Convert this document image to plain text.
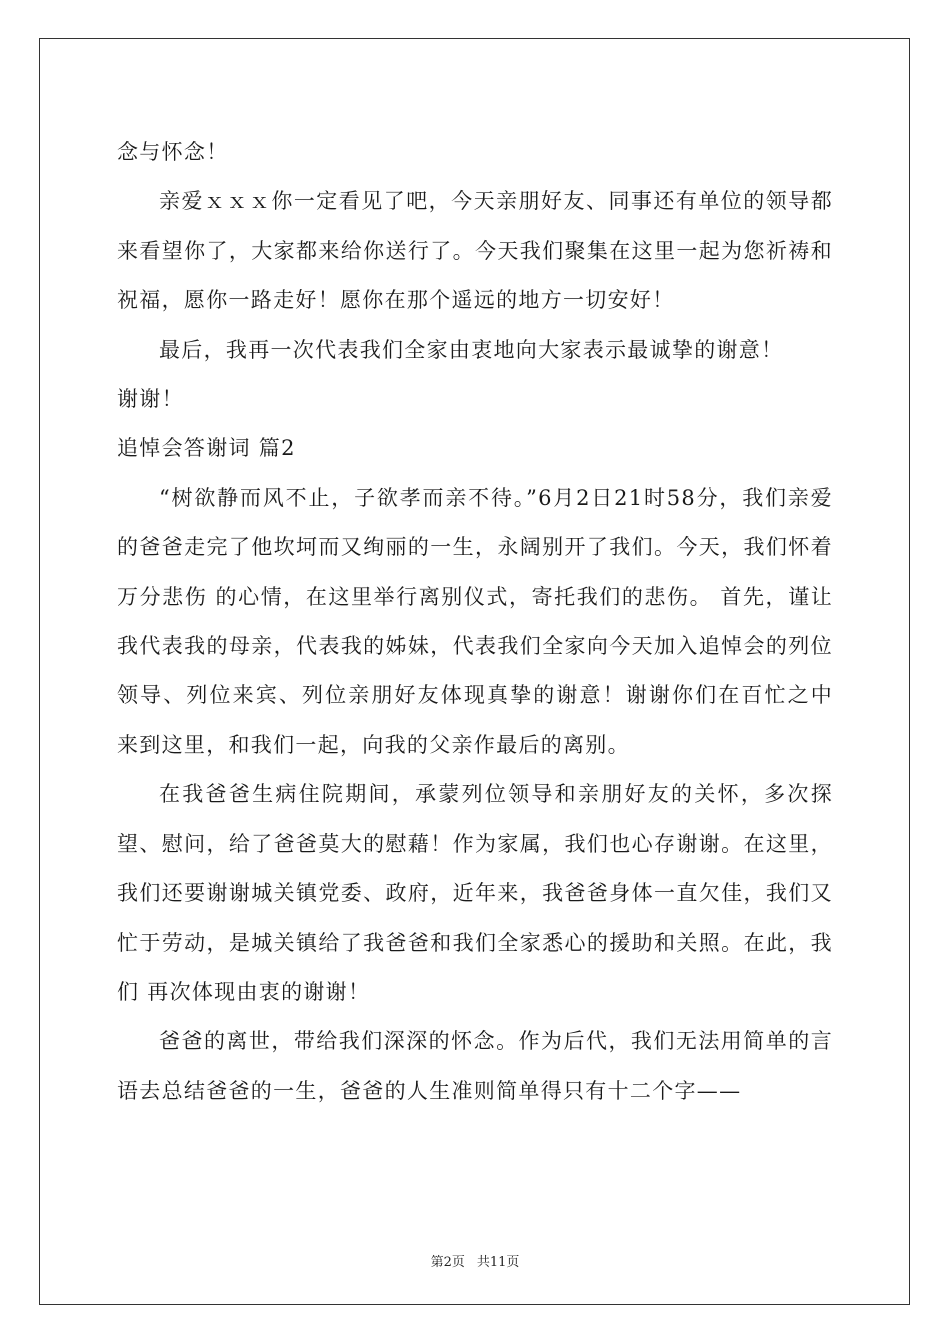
念与怀念！

亲爱ｘｘｘ你一定看见了吧，今天亲朋好友、同事还有单位的领导都来看望你了，大家都来给你送行了。今天我们聚集在这里一起为您祈祷和祝福，愿你一路走好！愿你在那个遥远的地方一切安好！

最后，我再一次代表我们全家由衷地向大家表示最诚挚的谢意！

谢谢！

追悼会答谢词 篇2

“树欲静而风不止，子欲孝而亲不待。”6月2日21时58分，我们亲爱的爸爸走完了他坎坷而又绚丽的一生，永阔别开了我们。今天，我们怀着万分悲伤 的心情，在这里举行离别仪式，寄托我们的悲伤。 首先，谨让我代表我的母亲，代表我的姊妹，代表我们全家向今天加入追悼会的列位领导、列位来宾、列位亲朋好友体现真挚的谢意！谢谢你们在百忙之中 来到这里，和我们一起，向我的父亲作最后的离别。

在我爸爸生病住院期间，承蒙列位领导和亲朋好友的关怀，多次探望、慰问，给了爸爸莫大的慰藉！作为家属，我们也心存谢谢。在这里，我们还要谢谢城关镇党委、政府，近年来，我爸爸身体一直欠佳，我们又忙于劳动，是城关镇给了我爸爸和我们全家悉心的援助和关照。在此，我们 再次体现由衷的谢谢！

爸爸的离世，带给我们深深的怀念。作为后代，我们无法用简单的言语去总结爸爸的一生，爸爸的人生准则简单得只有十二个字——

第2页 共11页
